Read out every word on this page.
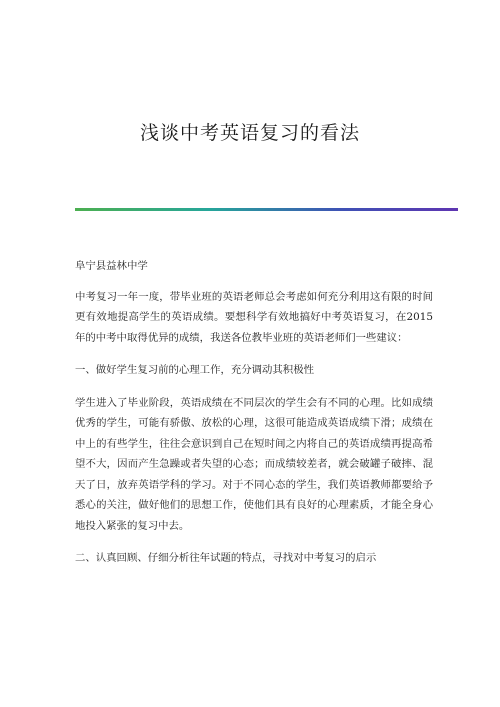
浅谈中考英语复习的看法

阜宁县益林中学

中考复习一年一度，带毕业班的英语老师总会考虑如何充分利用这有限的时间更有效地提高学生的英语成绩。要想科学有效地搞好中考英语复习，在2015年的中考中取得优异的成绩，我送各位教毕业班的英语老师们一些建议：

一、做好学生复习前的心理工作，充分调动其积极性

学生进入了毕业阶段，英语成绩在不同层次的学生会有不同的心理。比如成绩优秀的学生，可能有骄傲、放松的心理，这很可能造成英语成绩下滑；成绩在中上的有些学生，往往会意识到自己在短时间之内将自己的英语成绩再提高希望不大，因而产生急躁或者失望的心态；而成绩较差者，就会破罐子破摔、混天了日，放弃英语学科的学习。对于不同心态的学生，我们英语教师都要给予悉心的关注，做好他们的思想工作，使他们具有良好的心理素质，才能全身心地投入紧张的复习中去。

二、认真回顾、仔细分析往年试题的特点，寻找对中考复习的启示
